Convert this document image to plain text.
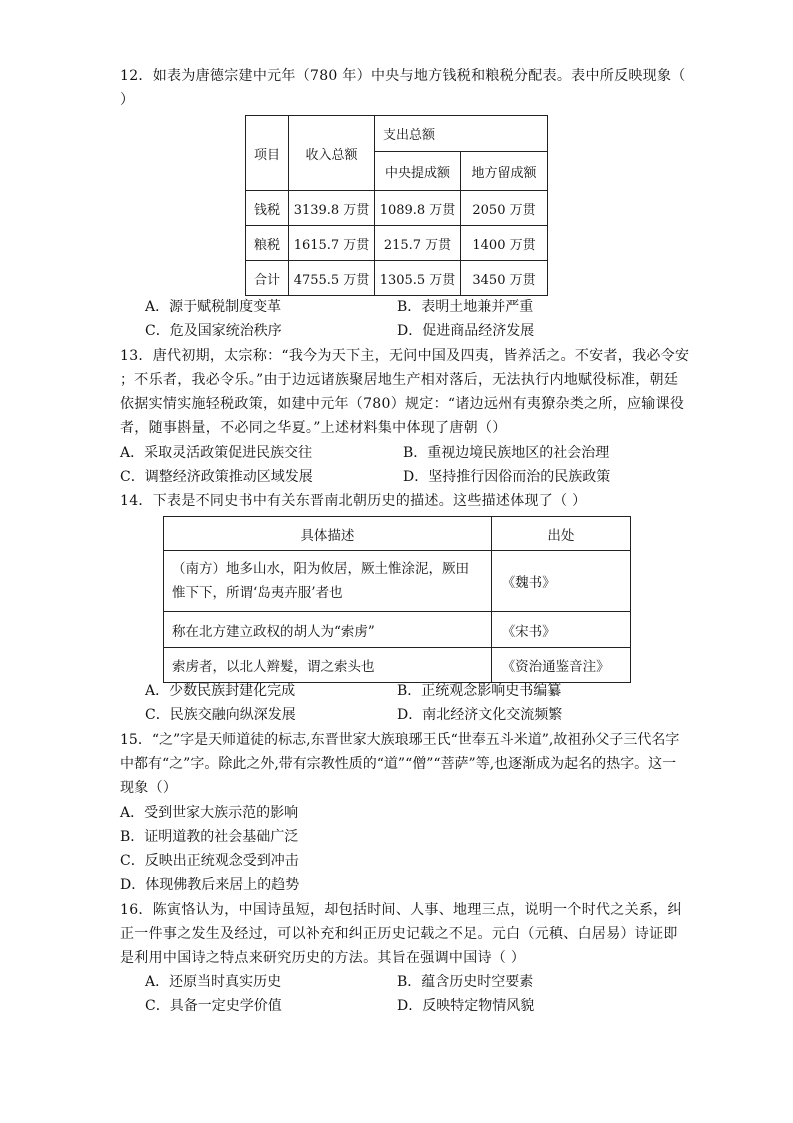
12．如表为唐德宗建中元年（780 年）中央与地方钱税和粮税分配表。表中所反映现象（
）
项目	收入总额	支出总额	
		中央提成额	地方留成额
钱税	3139.8 万贯	1089.8 万贯	2050 万贯
粮税	1615.7 万贯	215.7 万贯	1400 万贯
合计	4755.5 万贯	1305.5 万贯	3450 万贯
A．源于赋税制度变革	B．表明土地兼并严重
C．危及国家统治秩序	D．促进商品经济发展
13．唐代初期，太宗称：“我今为天下主，无问中国及四夷，皆养活之。不安者，我必令安
；不乐者，我必令乐。”由于边远诸族聚居地生产相对落后，无法执行内地赋役标准，朝廷
依据实情实施轻税政策，如建中元年（780）规定：“诸边远州有夷獠杂类之所，应输课役
者，随事斟量，不必同之华夏。”上述材料集中体现了唐朝（）
A．采取灵活政策促进民族交往	B．重视边境民族地区的社会治理
C．调整经济政策推动区域发展	D．坚持推行因俗而治的民族政策
14．下表是不同史书中有关东晋南北朝历史的描述。这些描述体现了（ ）
具体描述	出处

（南方）地多山水，阳为攸居，厥土惟涂泥，厥田
惟下下，所谓‘岛夷卉服’者也	《魏书》
称在北方建立政权的胡人为“索虏”	《宋书》
索虏者，以北人辫髮，谓之索头也	《资治通鉴音注》
A．少数民族封建化完成	B．正统观念影响史书编纂
C．民族交融向纵深发展	D．南北经济文化交流频繁
15．“之”字是天师道徒的标志,东晋世家大族琅琊王氏“世奉五斗米道”,故祖孙父子三代名字
中都有“之”字。除此之外,带有宗教性质的“道”“僧”“菩萨”等,也逐渐成为起名的热字。这一
现象（）
A．受到世家大族示范的影响
B．证明道教的社会基础广泛
C．反映出正统观念受到冲击
D．体现佛教后来居上的趋势
16．陈寅恪认为，中国诗虽短，却包括时间、人事、地理三点，说明一个时代之关系，纠
正一件事之发生及经过，可以补充和纠正历史记载之不足。元白（元稹、白居易）诗证即
是利用中国诗之特点来研究历史的方法。其旨在强调中国诗（ ）
A．还原当时真实历史	B．蕴含历史时空要素
C．具备一定史学价值	D．反映特定物情风貌
